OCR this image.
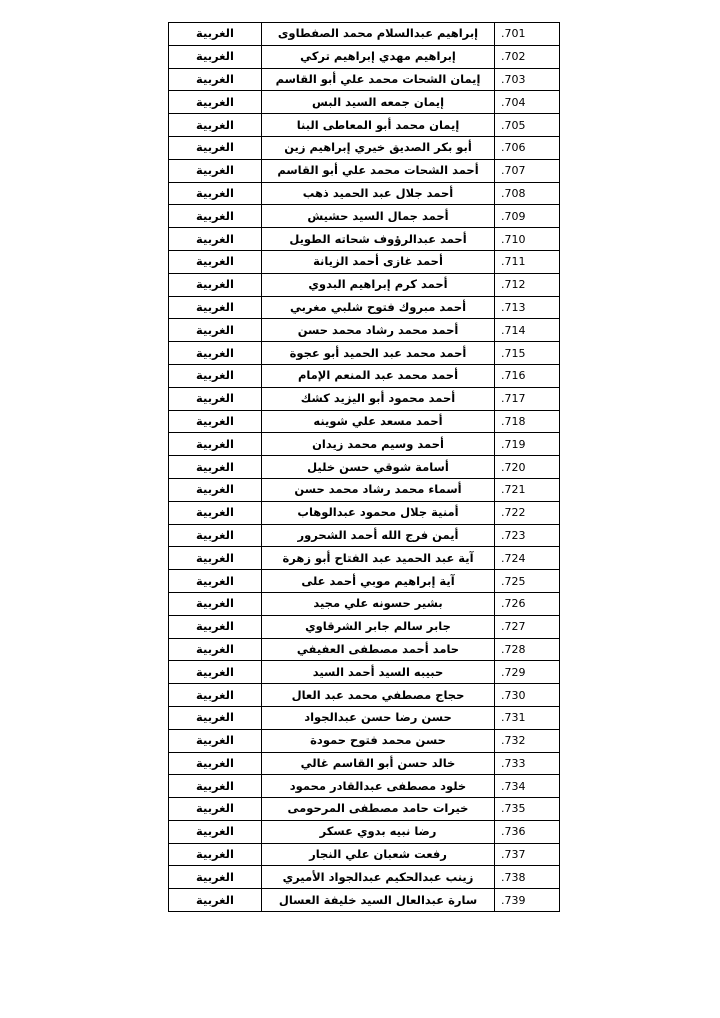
.701	إبراهيم عبدالسلام محمد الصفطاوى	الغربية
.702	إبراهيم مهدي إبراهيم تركي	الغربية
.703	إيمان الشحات محمد علي أبو القاسم	الغربية
.704	إيمان جمعه السيد البس	الغربية
.705	إيمان محمد أبو المعاطى البنا	الغربية
.706	أبو بكر الصديق خيري إبراهيم زين	الغربية
.707	أحمد الشحات محمد علي أبو القاسم	الغربية
.708	أحمد جلال عبد الحميد ذهب	الغربية
.709	أحمد جمال السيد حشيش	الغربية
.710	أحمد عبدالرؤوف شحاته الطويل	الغربية
.711	أحمد غازى أحمد الزيانة	الغربية
.712	أحمد كرم إبراهيم البدوي	الغربية
.713	أحمد مبروك فتوح شلبي مغربي	الغربية
.714	أحمد محمد رشاد محمد حسن	الغربية
.715	أحمد محمد عبد الحميد أبو عجوة	الغربية
.716	أحمد محمد عبد المنعم الإمام	الغربية
.717	أحمد محمود أبو اليزيد كشك	الغربية
.718	أحمد مسعد علي شوينه	الغربية
.719	أحمد وسيم محمد زيدان	الغربية
.720	أسامة شوقي حسن خليل	الغربية
.721	أسماء محمد رشاد محمد حسن	الغربية
.722	أمنية جلال محمود عبدالوهاب	الغربية
.723	أيمن فرج الله أحمد الشحرور	الغربية
.724	آية عبد الحميد عبد الفتاح أبو زهرة	الغربية
.725	آية إبراهيم موبي أحمد على	الغربية
.726	بشير حسونه علي مجيد	الغربية
.727	جابر سالم جابر الشرقاوي	الغربية
.728	حامد أحمد مصطفى العفيفي	الغربية
.729	حبيبه السيد أحمد السيد	الغربية
.730	حجاج مصطفي محمد عبد العال	الغربية
.731	حسن رضا حسن عبدالجواد	الغربية
.732	حسن محمد فتوح حمودة	الغربية
.733	خالد حسن أبو القاسم غالي	الغربية
.734	خلود مصطفى عبدالقادر محمود	الغربية
.735	خيرات حامد مصطفى المرحومى	الغربية
.736	رضا نبيه بدوي عسكر	الغربية
.737	رفعت شعبان علي النجار	الغربية
.738	زينب عبدالحكيم عبدالجواد الأميري	الغربية
.739	سارة عبدالعال السيد خليفة العسال	الغربية
